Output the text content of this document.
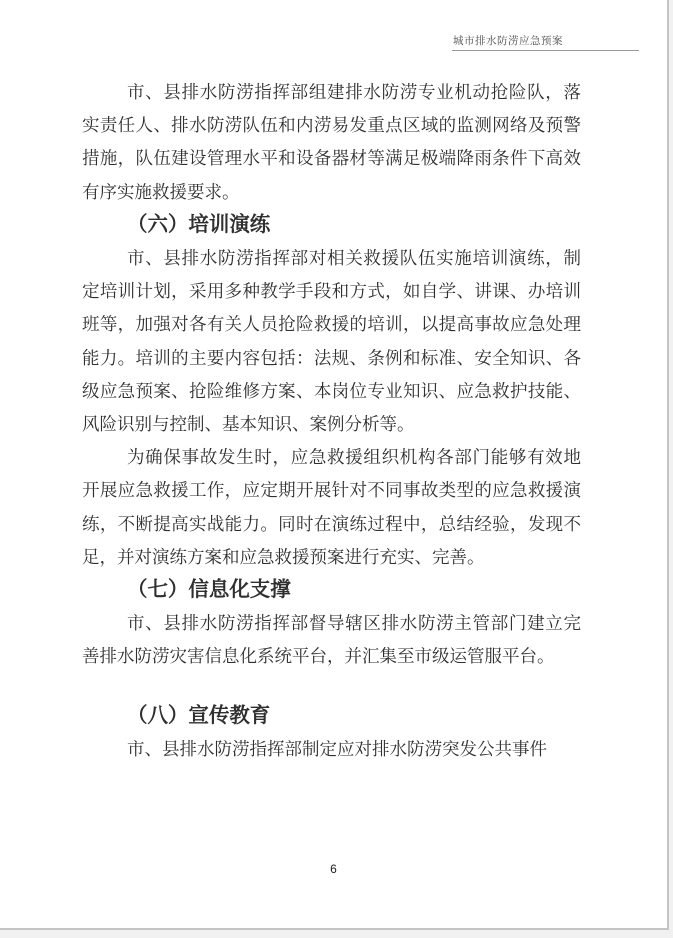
城市排水防涝应急预案

市、县排水防涝指挥部组建排水防涝专业机动抢险队，落实责任人、排水防涝队伍和内涝易发重点区域的监测网络及预警措施，队伍建设管理水平和设备器材等满足极端降雨条件下高效有序实施救援要求。

（六）培训演练

市、县排水防涝指挥部对相关救援队伍实施培训演练，制定培训计划，采用多种教学手段和方式，如自学、讲课、办培训班等，加强对各有关人员抢险救援的培训，以提高事故应急处理能力。培训的主要内容包括：法规、条例和标准、安全知识、各级应急预案、抢险维修方案、本岗位专业知识、应急救护技能、风险识别与控制、基本知识、案例分析等。

为确保事故发生时，应急救援组织机构各部门能够有效地开展应急救援工作，应定期开展针对不同事故类型的应急救援演练，不断提高实战能力。同时在演练过程中，总结经验，发现不足，并对演练方案和应急救援预案进行充实、完善。

（七）信息化支撑

市、县排水防涝指挥部督导辖区排水防涝主管部门建立完善排水防涝灾害信息化系统平台，并汇集至市级运管服平台。

（八）宣传教育

市、县排水防涝指挥部制定应对排水防涝突发公共事件

6
